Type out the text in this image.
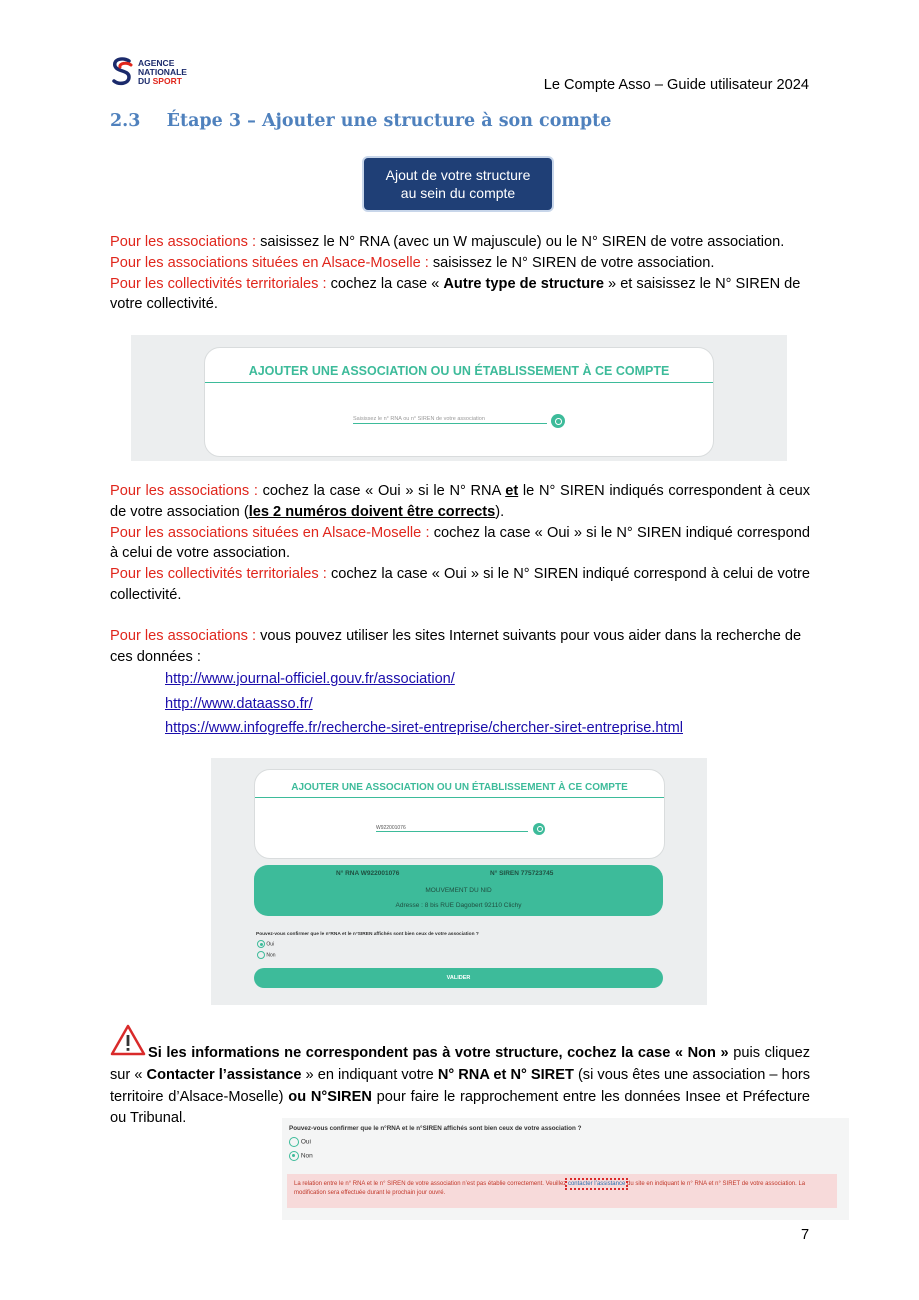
AGENCE
NATIONALE
DU SPORT	Le Compte Asso – Guide utilisateur 2024
2.3 Étape 3 – Ajouter une structure à son compte
Ajout de votre structure
au sein du compte
Pour les associations : saisissez le N° RNA (avec un W majuscule) ou le N° SIREN de votre association.
Pour les associations situées en Alsace-Moselle : saisissez le N° SIREN de votre association.
Pour les collectivités territoriales : cochez la case « Autre type de structure » et saisissez le N° SIREN de votre collectivité.
AJOUTER UNE ASSOCIATION OU UN ÉTABLISSEMENT À CE COMPTE
Saisissez le n° RNA ou n° SIREN de votre association
Pour les associations : cochez la case « Oui » si le N° RNA et le N° SIREN indiqués correspondent à ceux de votre association (les 2 numéros doivent être corrects).
Pour les associations situées en Alsace-Moselle : cochez la case « Oui » si le N° SIREN indiqué correspond à celui de votre association.
Pour les collectivités territoriales : cochez la case « Oui » si le N° SIREN indiqué correspond à celui de votre collectivité.
Pour les associations : vous pouvez utiliser les sites Internet suivants pour vous aider dans la recherche de ces données :
http://www.journal-officiel.gouv.fr/association/
http://www.dataasso.fr/
https://www.infogreffe.fr/recherche-siret-entreprise/chercher-siret-entreprise.html
AJOUTER UNE ASSOCIATION OU UN ÉTABLISSEMENT À CE COMPTE
W922001076
N° RNA W922001076	N° SIREN 775723745
MOUVEMENT DU NID
Adresse : 8 bis RUE Dagobert 92110 Clichy
Pouvez-vous confirmer que le n°RNA et le n°SIREN affichés sont bien ceux de votre association ?
Oui
Non
VALIDER
Si les informations ne correspondent pas à votre structure, cochez la case « Non » puis cliquez sur « Contacter l’assistance » en indiquant votre N° RNA et N° SIRET (si vous êtes une association – hors territoire d’Alsace-Moselle) ou N°SIREN pour faire le rapprochement entre les données Insee et Préfecture ou Tribunal.
Pouvez-vous confirmer que le n°RNA et le n°SIREN affichés sont bien ceux de votre association ?
Oui
Non
La relation entre le n° RNA et le n° SIREN de votre association n’est pas établie correctement. Veuillez contacter l’assistance du site en indiquant le n° RNA et n° SIRET de votre association. La modification sera effectuée durant le prochain jour ouvré.
7
